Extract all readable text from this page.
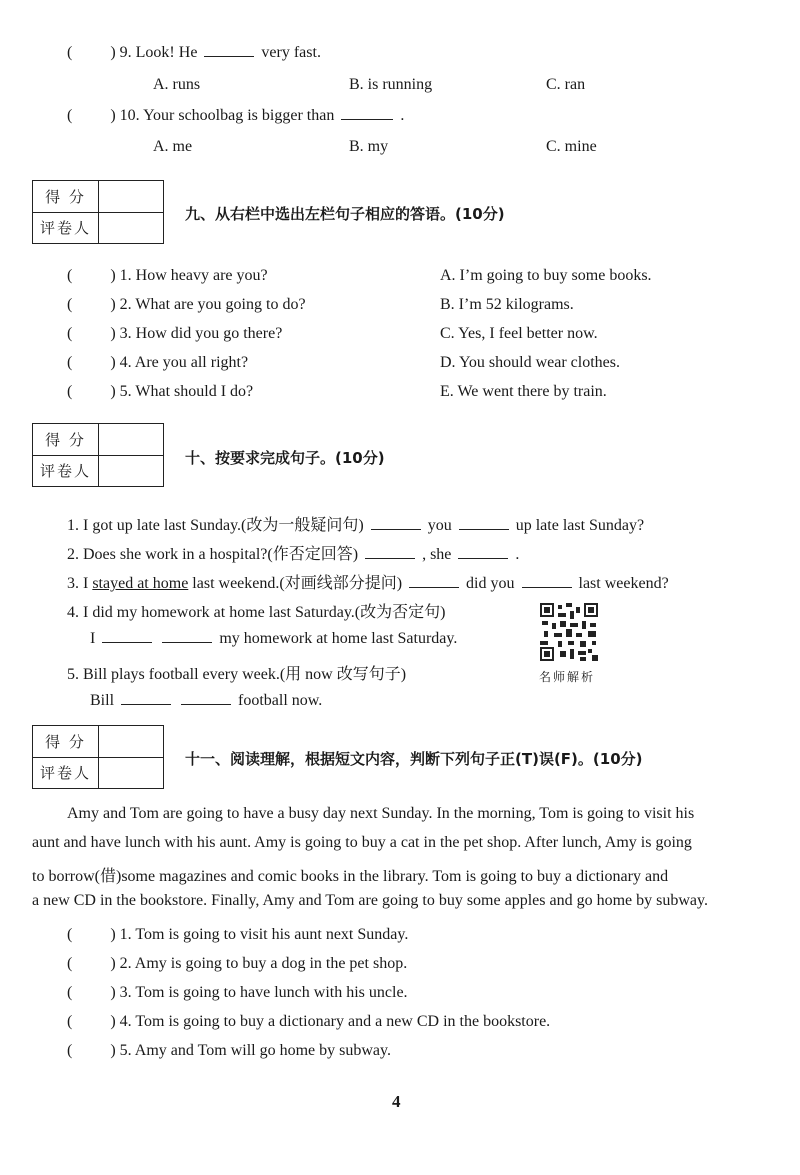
( ) 9. Look! He	very fast.
A. runs	B. is running	C. ran
( ) 10. Your schoolbag is bigger than	.
A. me	B. my	C. mine
得 分
评卷人
九、从右栏中选出左栏句子相应的答语。(10分)
( ) 1. How heavy are you?	A. I’m going to buy some books.
( ) 2. What are you going to do?	B. I’m 52 kilograms.
( ) 3. How did you go there?	C. Yes, I feel better now.
( ) 4. Are you all right?	D. You should wear clothes.
( ) 5. What should I do?	E. We went there by train.
得 分
评卷人
十、按要求完成句子。(10分)
1. I got up late last Sunday.(改为一般疑问句)	you	up late last Sunday?
2. Does she work in a hospital?(作否定回答)	, she	.
3. I stayed at home last weekend.(对画线部分提问)	did you	last weekend?
4. I did my homework at home last Saturday.(改为否定句)
I	my homework at home last Saturday.
5. Bill plays football every week.(用 now 改写句子)
Bill	football now.
名师解析
得 分
评卷人
十一、阅读理解，根据短文内容，判断下列句子正(T)误(F)。(10分)
Amy and Tom are going to have a busy day next Sunday. In the morning, Tom is going to visit his
aunt and have lunch with his aunt. Amy is going to buy a cat in the pet shop. After lunch, Amy is going
to borrow(借)some magazines and comic books in the library. Tom is going to buy a dictionary and
a new CD in the bookstore. Finally, Amy and Tom are going to buy some apples and go home by subway.
( ) 1. Tom is going to visit his aunt next Sunday.
( ) 2. Amy is going to buy a dog in the pet shop.
( ) 3. Tom is going to have lunch with his uncle.
( ) 4. Tom is going to buy a dictionary and a new CD in the bookstore.
( ) 5. Amy and Tom will go home by subway.
4
